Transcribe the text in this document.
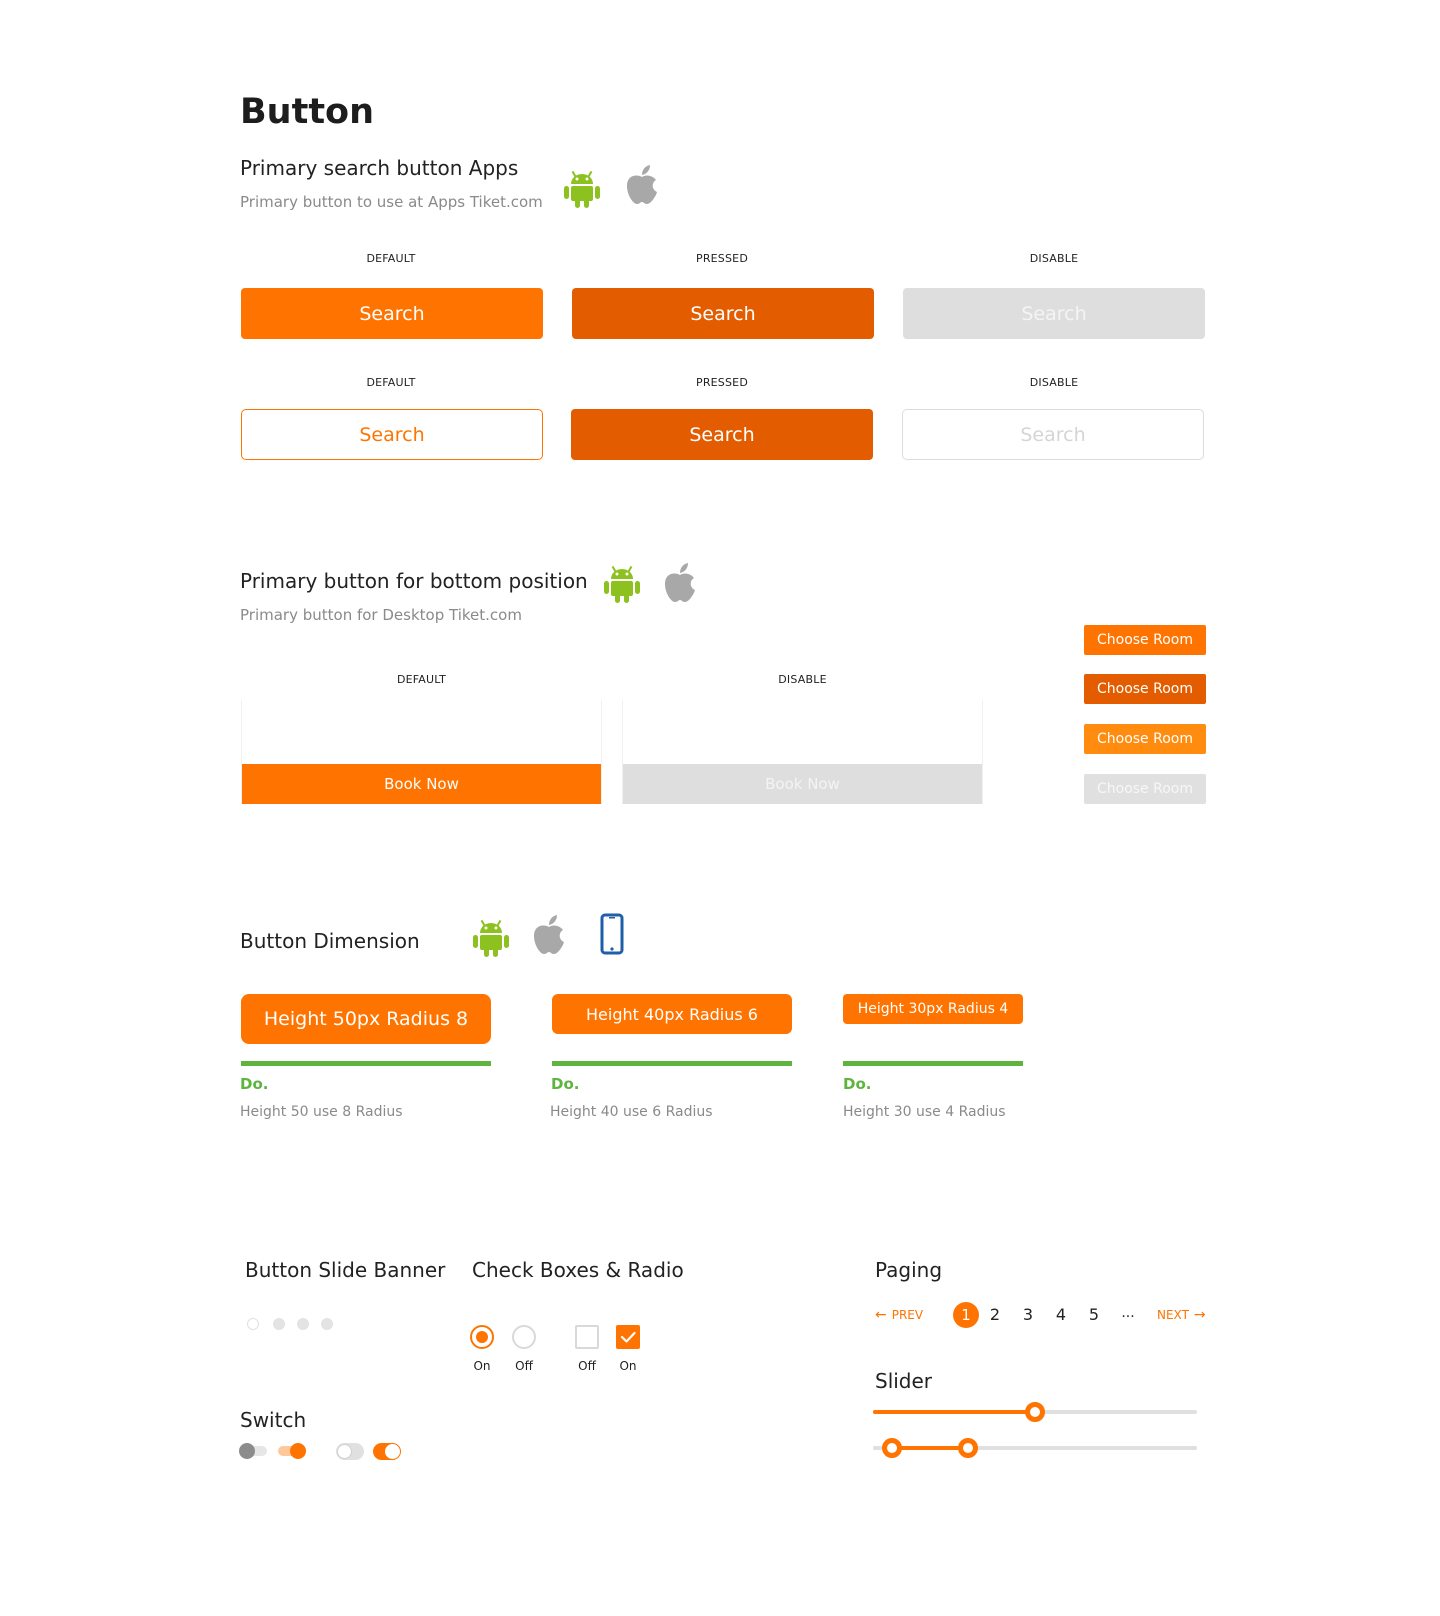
Button
Primary search button Apps
Primary button to use at Apps Tiket.com
DEFAULT	PRESSED	DISABLE
Search	Search	Search
DEFAULT	PRESSED	DISABLE
Search	Search	Search
Primary button for bottom position
Primary button for Desktop Tiket.com
DEFAULT	DISABLE
Book Now	Book Now
Choose Room
Choose Room
Choose Room
Choose Room
Button Dimension
Height 50px Radius 8
Do.
Height 50 use 8 Radius
Height 40px Radius 6
Do.
Height 40 use 6 Radius
Height 30px Radius 4
Do.
Height 30 use 4 Radius
Button Slide Banner
Switch
Check Boxes & Radio
On	Off	Off	On
Paging
← PREV	1	2	3	4	5	...	NEXT →
Slider
